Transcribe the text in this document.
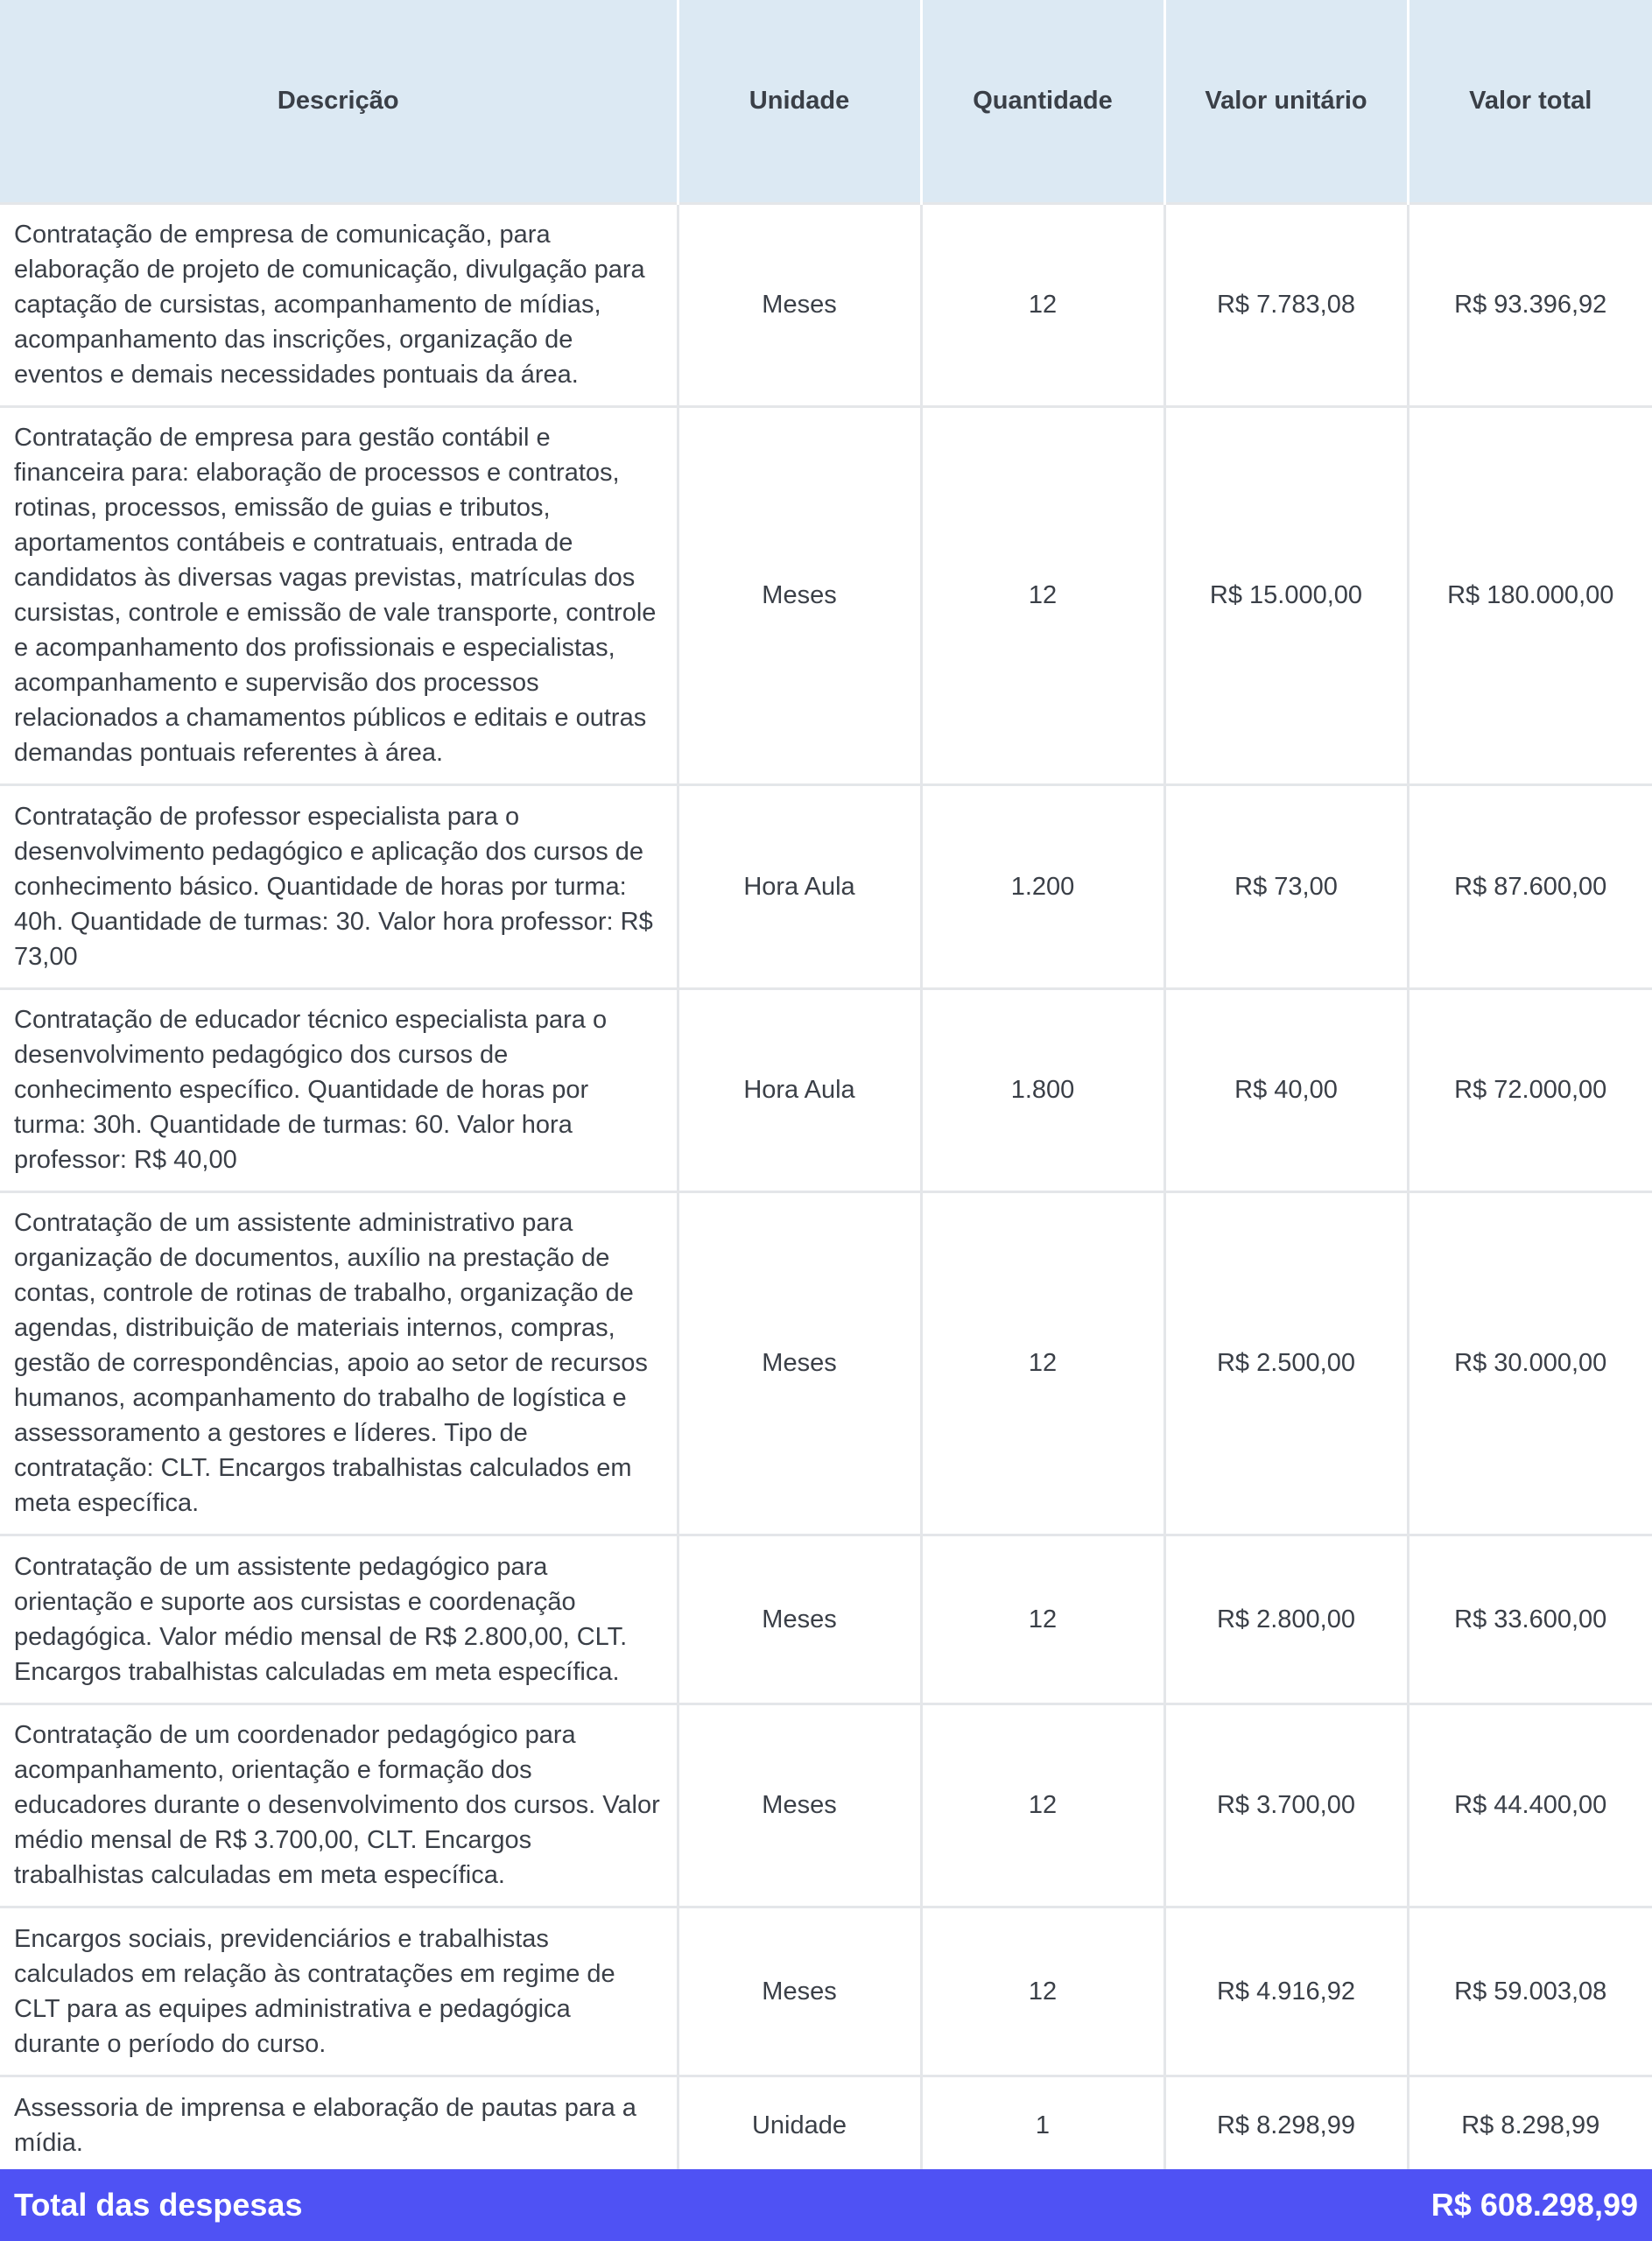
Descrição	Unidade	Quantidade	Valor unitário	Valor total
Contratação de empresa de comunicação, para elaboração de projeto de comunicação, divulgação para captação de cursistas, acompanhamento de mídias, acompanhamento das inscrições, organização de eventos e demais necessidades pontuais da área.	Meses	12	R$ 7.783,08	R$ 93.396,92
Contratação de empresa para gestão contábil e financeira para: elaboração de processos e contratos, rotinas, processos, emissão de guias e tributos, aportamentos contábeis e contratuais, entrada de candidatos às diversas vagas previstas, matrículas dos cursistas, controle e emissão de vale transporte, controle e acompanhamento dos profissionais e especialistas, acompanhamento e supervisão dos processos relacionados a chamamentos públicos e editais e outras demandas pontuais referentes à área.	Meses	12	R$ 15.000,00	R$ 180.000,00
Contratação de professor especialista para o desenvolvimento pedagógico e aplicação dos cursos de conhecimento básico. Quantidade de horas por turma: 40h. Quantidade de turmas: 30. Valor hora professor: R$ 73,00	Hora Aula	1.200	R$ 73,00	R$ 87.600,00
Contratação de educador técnico especialista para o desenvolvimento pedagógico dos cursos de conhecimento específico. Quantidade de horas por turma: 30h. Quantidade de turmas: 60. Valor hora professor: R$ 40,00	Hora Aula	1.800	R$ 40,00	R$ 72.000,00
Contratação de um assistente administrativo para organização de documentos, auxílio na prestação de contas, controle de rotinas de trabalho, organização de agendas, distribuição de materiais internos, compras, gestão de correspondências, apoio ao setor de recursos humanos, acompanhamento do trabalho de logística e assessoramento a gestores e líderes. Tipo de contratação: CLT. Encargos trabalhistas calculados em meta específica.	Meses	12	R$ 2.500,00	R$ 30.000,00
Contratação de um assistente pedagógico para orientação e suporte aos cursistas e coordenação pedagógica. Valor médio mensal de R$ 2.800,00, CLT. Encargos trabalhistas calculadas em meta específica.	Meses	12	R$ 2.800,00	R$ 33.600,00
Contratação de um coordenador pedagógico para acompanhamento, orientação e formação dos educadores durante o desenvolvimento dos cursos. Valor médio mensal de R$ 3.700,00, CLT. Encargos trabalhistas calculadas em meta específica.	Meses	12	R$ 3.700,00	R$ 44.400,00
Encargos sociais, previdenciários e trabalhistas calculados em relação às contratações em regime de CLT para as equipes administrativa e pedagógica durante o período do curso.	Meses	12	R$ 4.916,92	R$ 59.003,08
Assessoria de imprensa e elaboração de pautas para a mídia.	Unidade	1	R$ 8.298,99	R$ 8.298,99
Total das despesas	R$ 608.298,99
